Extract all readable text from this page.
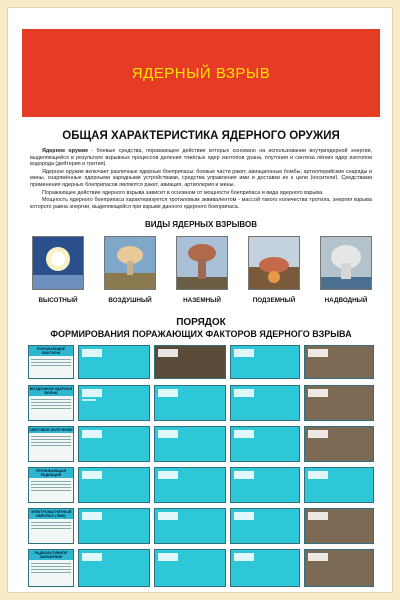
ЯДЕРНЫЙ ВЗРЫВ
ОБЩАЯ ХАРАКТЕРИСТИКА ЯДЕРНОГО ОРУЖИЯ

Ядерное оружие - боевые средства, поражающее действие которых основано на использовании внутриядерной энергии, выделяющейся в результате взрывных процессов деления тяжёлых ядер изотопов урана, плутония и синтеза лёгких ядер изотопов водорода (дейтерия и трития).

Ядерное оружие включает различные ядерные боеприпасы: боевые части ракет, авиационные бомбы, артиллерийские снаряды и мины, снаряжённые ядерными зарядными устройствами, средства управления ими и доставки их к цели (носители). Средствами применения ядерных боеприпасов являются ракет, авиация, артиллерия и мины.

Поражающее действие ядерного взрыва зависит в основном от мощности боеприпаса и вида ядерного взрыва.

Мощность ядерного боеприпаса характеризуется тротиловым эквивалентом - массой такого количества тротила, энергия взрыва которого равна энергии, выделяющейся при взрыве данного ядерного боеприпаса.

ВИДЫ ЯДЕРНЫХ ВЗРЫВОВ
ВЫСОТНЫЙ	ВОЗДУШНЫЙ	НАЗЕМНЫЙ	ПОДЗЕМНЫЙ	НАДВОДНЫЙ
ПОРЯДОК
ФОРМИРОВАНИЯ ПОРАЖАЮЩИХ ФАКТОРОВ ЯДЕРНОГО ВЗРЫВА
ПОРАЖАЮЩИЕ ФАКТОРЫ
ВОЗДУШНАЯ УДАРНАЯ ВОЛНА
СВЕТОВОЕ ИЗЛУЧЕНИЕ
ПРОНИКАЮЩАЯ РАДИАЦИЯ
ЭЛЕКТРОМАГНИТНЫЙ ИМПУЛЬС (ЭМИ)
РАДИОАКТИВНОЕ ЗАРАЖЕНИЕ
